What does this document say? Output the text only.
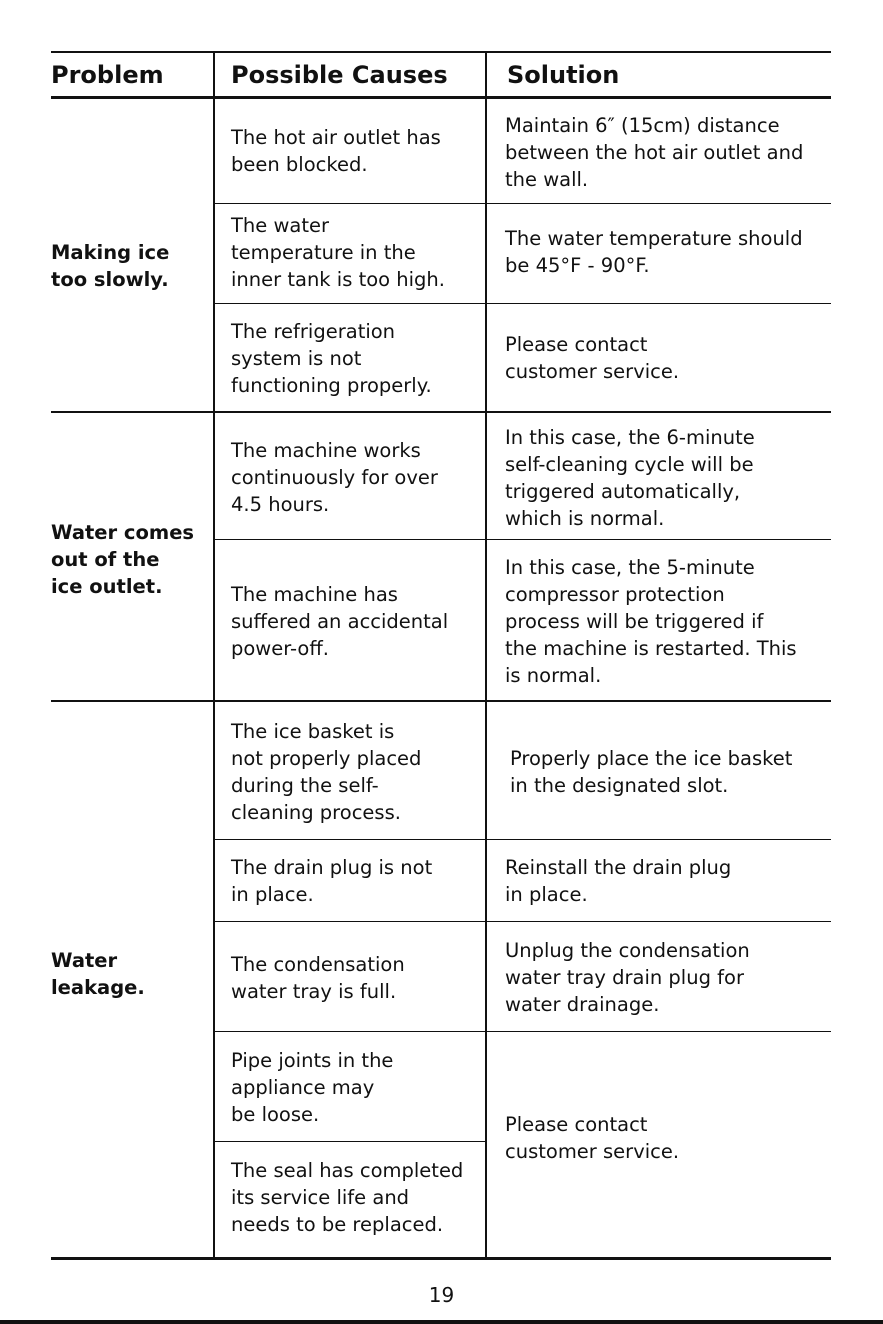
Problem	Possible Causes Solution

Making ice
too slowly.

The hot air outlet has
been blocked.

Maintain 6″ (15cm) distance
between the hot air outlet and
the wall.

The water
temperature in the
inner tank is too high.

The water temperature should
be 45°F - 90°F.

The refrigeration
system is not
functioning properly.

Please contact
customer service.

Water comes
out of the
ice outlet.

The machine works
continuously for over
4.5 hours.

In this case, the 6-minute
self-cleaning cycle will be
triggered automatically,
which is normal.

The machine has
suffered an accidental
power-off.

In this case, the 5-minute
compressor protection
process will be triggered if
the machine is restarted. This
is normal.

Water
leakage.

The ice basket is
not properly placed
during the self-
cleaning process.

Properly place the ice basket
in the designated slot.

The drain plug is not
in place.

Reinstall the drain plug
in place.

The condensation
water tray is full.

Unplug the condensation
water tray drain plug for
water drainage.

Pipe joints in the
appliance may
be loose.	Please contact
customer service.

The seal has completed
its service life and
needs to be replaced.

19
